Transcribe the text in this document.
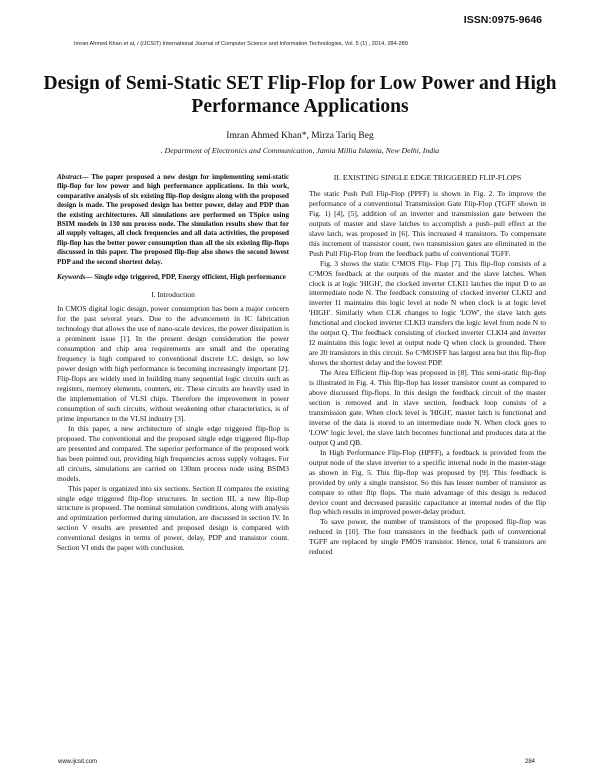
ISSN:0975-9646
Imran Ahmed Khan et al, / (IJCSIT) International Journal of Computer Science and Information Technologies, Vol. 5 (1) , 2014, 284-289
Design of Semi-Static SET Flip-Flop for Low Power and High Performance Applications
Imran Ahmed Khan*, Mirza Tariq Beg
. Department of Electronics and Communication, Jamia Millia Islamia, New Delhi, India

Abstract— The paper proposed a new design for implementing semi-static flip-flop for low power and high performance applications. In this work, comparative analysis of six existing flip-flop designs along with the proposed design is made. The proposed design has better power, delay and PDP than the existing architectures. All simulations are performed on TSpice using BSIM models in 130 nm process node. The simulation results show that for all supply voltages, all clock frequencies and all data activities, the proposed flip-flop has the better power consumption than all the six existing flip-flops discussed in this paper. The proposed flip-flop also shows the second lowest PDP and the second shortest delay.

Keywords— Single edge triggered, PDP, Energy efficient, High performance

I. Introduction

In CMOS digital logic design, power consumption has been a major concern for the past several years. Due to the advancement in IC fabrication technology that allows the use of nano-scale devices, the power dissipation is a prominent issue [1]. In the present design consideration the power consumption and chip area requirements are small and the operating frequency is high compared to conventional discrete I.C. design, so low power design with high performance is becoming increasingly important [2]. Flip-flops are widely used in building many sequential logic circuits such as registers, memory elements, counters, etc. These circuits are heavily used in the implementation of VLSI chips. Therefore the improvement in power consumption of such circuits, without weakening other characteristics, is of prime importance to the VLSI industry [3].

In this paper, a new architecture of single edge triggered flip-flop is proposed. The conventional and the proposed single edge triggered flip-flop are presented and compared. The superior performance of the proposed work has been pointed out, providing high frequencies across supply voltages. For all circuits, simulations are carried on 130nm process node using BSIM3 models.

This paper is organized into six sections. Section II compares the existing single edge triggered flip-flop structures. In section III, a new flip-flop structure is proposed. The nominal simulation conditions, along with analysis and optimization performed during simulation, are discussed in section IV. In section V results are presented and proposed design is compared with conventional designs in terms of power, delay, PDP and transistor count. Section VI ends the paper with conclusion.

II. EXISTING SINGLE EDGE TRIGGERED FLIP-FLOPS

The static Push Pull Flip-Flop (PPFF) is shown in Fig. 2. To improve the performance of a conventional Transmission Gate Flip-Flop (TGFF shown in Fig. 1) [4], [5], addition of an inverter and transmission gate between the outputs of master and slave latches to accomplish a push–pull effect at the slave latch, was proposed in [6]. This increased 4 transistors. To compensate this increment of transistor count, two transmission gates are eliminated in the Push Pull Flip-Flop from the feedback paths of conventional TGFF.

Fig. 3 shows the static C²MOS Flip- Flop [7]. This flip-flop consists of a C²MOS feedback at the outputs of the master and the slave latches. When clock is at logic 'HIGH', the clocked inverter CLKI1 latches the input D to an intermediate node N. The feedback consisting of clocked inverter CLKI2 and inverter I1 maintains this logic level at node N when clock is at logic level 'HIGH'. Similarly when CLK changes to logic 'LOW', the slave latch gets functional and clocked inverter CLKI3 transfers the logic level from node N to the output Q. The feedback consisting of clocked inverter CLKI4 and inverter I2 maintains this logic level at output node Q when clock is grounded. There are 20 transistors in this circuit. So C²MOSFF has largest area but this flip-flop shows the shortest delay and the lowest PDP.

The Area Efficient flip-flop was proposed in [8]. This semi-static flip-flop is illustrated in Fig. 4. This flip-flop has lesser transistor count as compared to above discussed flip-flops. In this design the feedback circuit of the master section is removed and in slave section, feedback loop consists of a transmission gate. When clock level is 'HIGH', master latch is functional and inverse of the data is stored to an intermediate node N. When clock goes to 'LOW' logic level, the slave latch becomes functional and produces data at the output Q and QB.

In High Performance Flip-Flop (HPFF), a feedback is provided from the output node of the slave inverter to a specific internal node in the master-stage as shown in Fig. 5. This flip-flop was proposed by [9]. This feedback is provided by only a single transistor. So this has lesser number of transistor as compare to other flip flops. The main advantage of this design is reduced device count and decreased parasitic capacitance at internal nodes of the flip flop which results in improved power-delay product.

To save power, the number of transistors of the proposed flip-flop was reduced in [10]. The four transistors in the feedback path of conventional TGFF are replaced by single PMOS transistor. Hence, total 6 transistors are reduced

www.ijcsit.com	284
